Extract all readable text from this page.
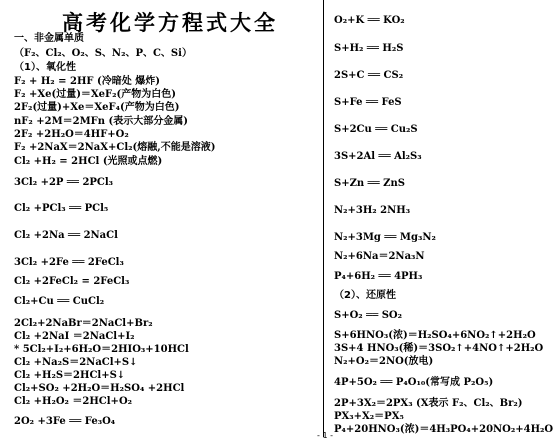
高考化学方程式大全
一、非金属单质
（F₂、Cl₂、O₂、S、N₂、P、C、Si）
（1）、氧化性
F₂ + H₂ = 2HF (冷暗处 爆炸)
F₂ +Xe(过量)＝XeF₂(产物为白色)
2F₂(过量)+Xe＝XeF₄(产物为白色)
nF₂ +2M＝2MFn (表示大部分金属)
2F₂ +2H₂O＝4HF+O₂
F₂ +2NaX＝2NaX+Cl₂(熔融,不能是溶液)
Cl₂ +H₂ = 2HCl (光照或点燃)
3Cl₂ +2P ══ 2PCl₃
Cl₂ +PCl₃ ══ PCl₅
Cl₂ +2Na ══ 2NaCl
3Cl₂ +2Fe ══ 2FeCl₃
Cl₂ +2FeCl₂ = 2FeCl₃
Cl₂+Cu ══ CuCl₂
2Cl₂+2NaBr＝2NaCl+Br₂
Cl₂ +2NaI ＝2NaCl+I₂
* 5Cl₂+I₂+6H₂O＝2HIO₃+10HCl
Cl₂ +Na₂S＝2NaCl+S↓
Cl₂ +H₂S＝2HCl+S↓
Cl₂+SO₂ +2H₂O＝H₂SO₄ +2HCl
Cl₂ +H₂O₂ ＝2HCl+O₂
2O₂ +3Fe ══ Fe₃O₄
O₂+K ══ KO₂
S+H₂ ══ H₂S
2S+C ══ CS₂
S+Fe ══ FeS
S+2Cu ══ Cu₂S
3S+2Al ══ Al₂S₃
S+Zn ══ ZnS
N₂+3H₂ 2NH₃
N₂+3Mg ══ Mg₃N₂
N₂+6Na＝2Na₃N
P₄+6H₂ ══ 4PH₃
（2）、还原性
S+O₂ ══ SO₂
S+6HNO₃(浓)＝H₂SO₄+6NO₂↑+2H₂O
3S+4 HNO₃(稀)＝3SO₂↑+4NO↑+2H₂O
N₂+O₂＝2NO(放电)
4P+5O₂ ══ P₄O₁₀(常写成 P₂O₅)
2P+3X₂＝2PX₃ (X表示 F₂、Cl₂、Br₂)
PX₃+X₂＝PX₅
P₄+20HNO₃(浓)＝4H₃PO₄+20NO₂+4H₂O
- 1 -
